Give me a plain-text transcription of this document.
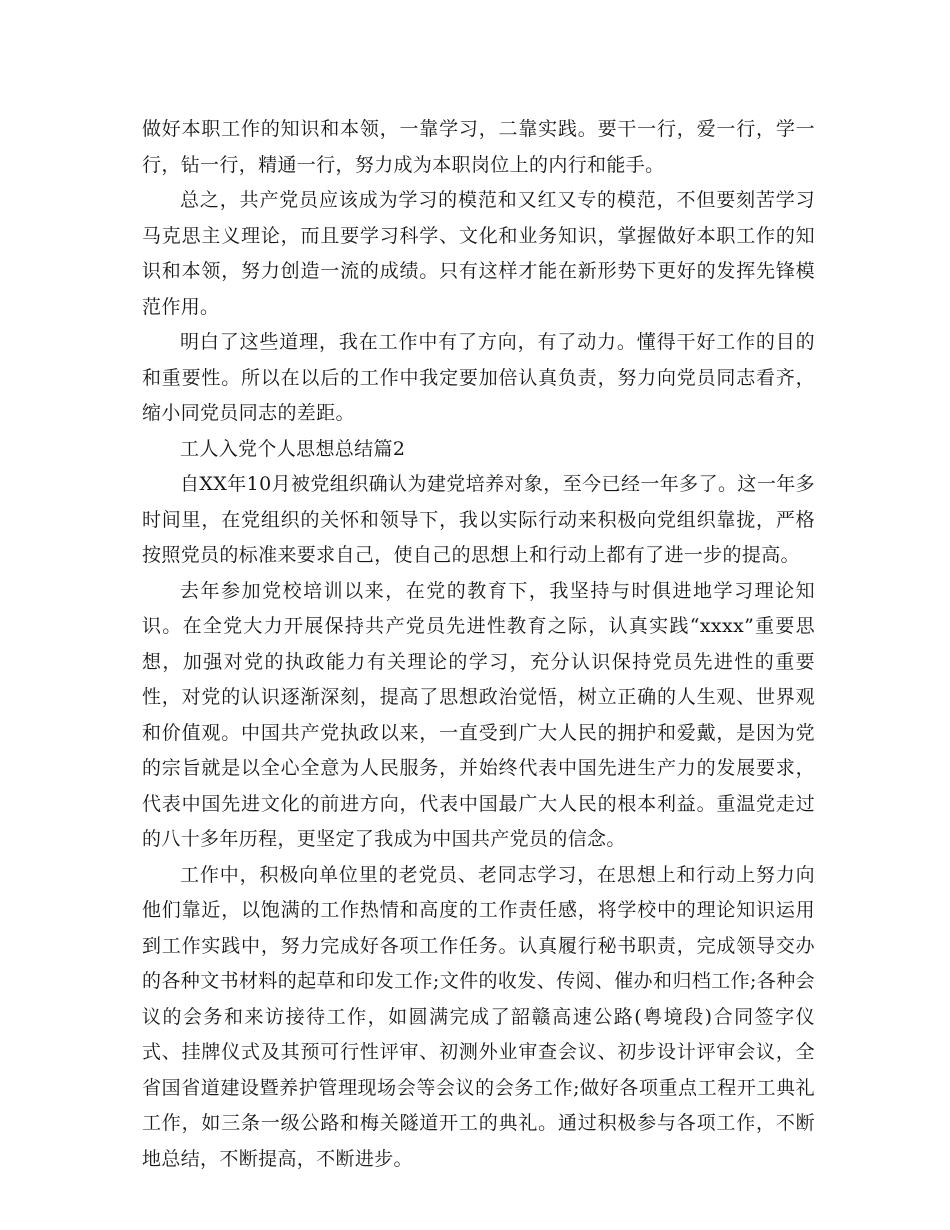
做好本职工作的知识和本领，一靠学习，二靠实践。要干一行，爱一行，学一行，钻一行，精通一行，努力成为本职岗位上的内行和能手。

总之，共产党员应该成为学习的模范和又红又专的模范，不但要刻苦学习马克思主义理论，而且要学习科学、文化和业务知识，掌握做好本职工作的知识和本领，努力创造一流的成绩。只有这样才能在新形势下更好的发挥先锋模范作用。

明白了这些道理，我在工作中有了方向，有了动力。懂得干好工作的目的和重要性。所以在以后的工作中我定要加倍认真负责，努力向党员同志看齐，缩小同党员同志的差距。

工人入党个人思想总结篇2

自XX年10月被党组织确认为建党培养对象，至今已经一年多了。这一年多时间里，在党组织的关怀和领导下，我以实际行动来积极向党组织靠拢，严格按照党员的标准来要求自己，使自己的思想上和行动上都有了进一步的提高。

去年参加党校培训以来，在党的教育下，我坚持与时俱进地学习理论知识。在全党大力开展保持共产党员先进性教育之际，认真实践“xxxx”重要思想，加强对党的执政能力有关理论的学习，充分认识保持党员先进性的重要性，对党的认识逐渐深刻，提高了思想政治觉悟，树立正确的人生观、世界观和价值观。中国共产党执政以来，一直受到广大人民的拥护和爱戴，是因为党的宗旨就是以全心全意为人民服务，并始终代表中国先进生产力的发展要求，代表中国先进文化的前进方向，代表中国最广大人民的根本利益。重温党走过的八十多年历程，更坚定了我成为中国共产党员的信念。

工作中，积极向单位里的老党员、老同志学习，在思想上和行动上努力向他们靠近，以饱满的工作热情和高度的工作责任感，将学校中的理论知识运用到工作实践中，努力完成好各项工作任务。认真履行秘书职责，完成领导交办的各种文书材料的起草和印发工作;文件的收发、传阅、催办和归档工作;各种会议的会务和来访接待工作，如圆满完成了韶赣高速公路(粤境段)合同签字仪式、挂牌仪式及其预可行性评审、初测外业审查会议、初步设计评审会议，全省国省道建设暨养护管理现场会等会议的会务工作;做好各项重点工程开工典礼工作，如三条一级公路和梅关隧道开工的典礼。通过积极参与各项工作，不断地总结，不断提高，不断进步。
